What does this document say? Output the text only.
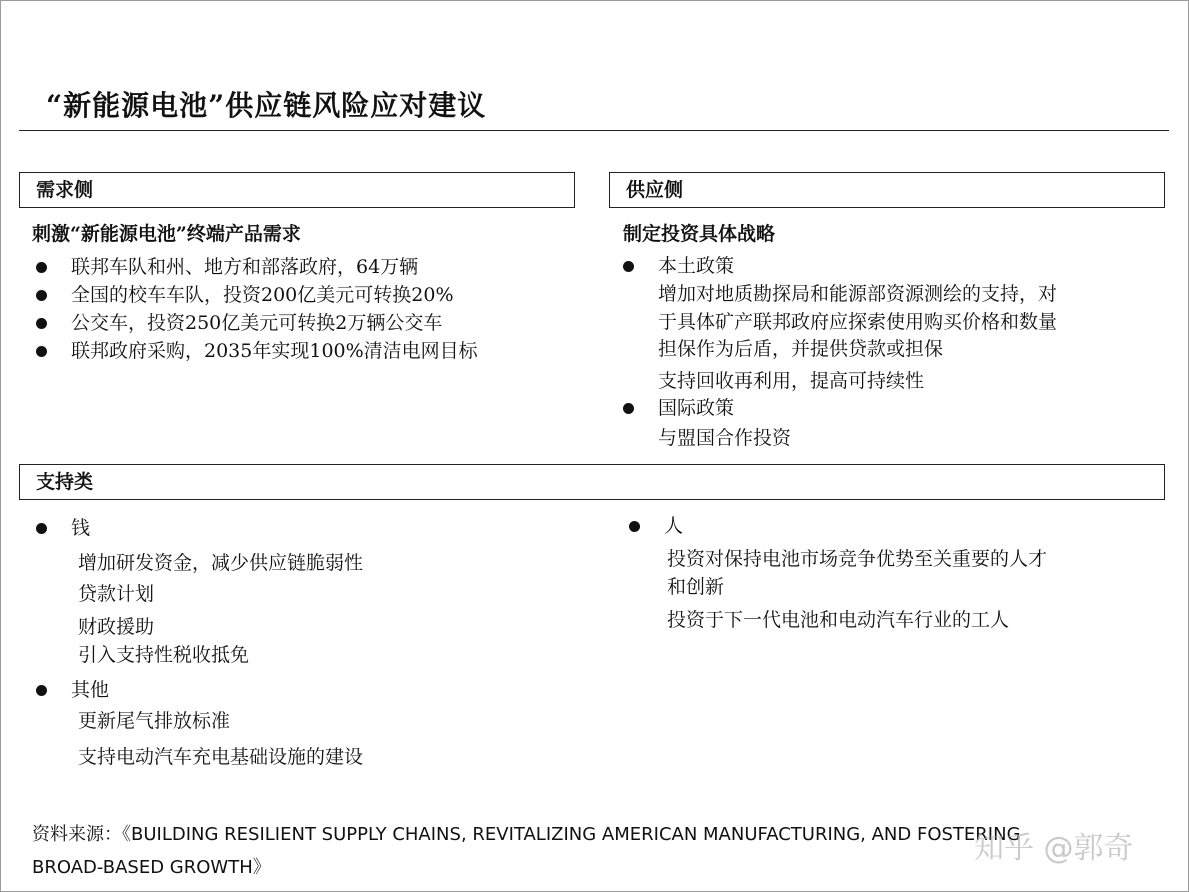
“新能源电池”供应链风险应对建议
需求侧
刺激“新能源电池”终端产品需求
联邦车队和州、地方和部落政府，64万辆
全国的校车车队，投资200亿美元可转换20%
公交车，投资250亿美元可转换2万辆公交车
联邦政府采购，2035年实现100%清洁电网目标
供应侧
制定投资具体战略
本土政策
增加对地质勘探局和能源部资源测绘的支持，对
于具体矿产联邦政府应探索使用购买价格和数量
担保作为后盾，并提供贷款或担保
支持回收再利用，提高可持续性
国际政策
与盟国合作投资
支持类
钱
增加研发资金，减少供应链脆弱性
贷款计划
财政援助
引入支持性税收抵免
其他
更新尾气排放标准
支持电动汽车充电基础设施的建设
人
投资对保持电池市场竞争优势至关重要的人才
和创新
投资于下一代电池和电动汽车行业的工人
资料来源：《BUILDING RESILIENT SUPPLY CHAINS, REVITALIZING AMERICAN MANUFACTURING, AND FOSTERING
BROAD-BASED GROWTH》
知乎 @郭奇
